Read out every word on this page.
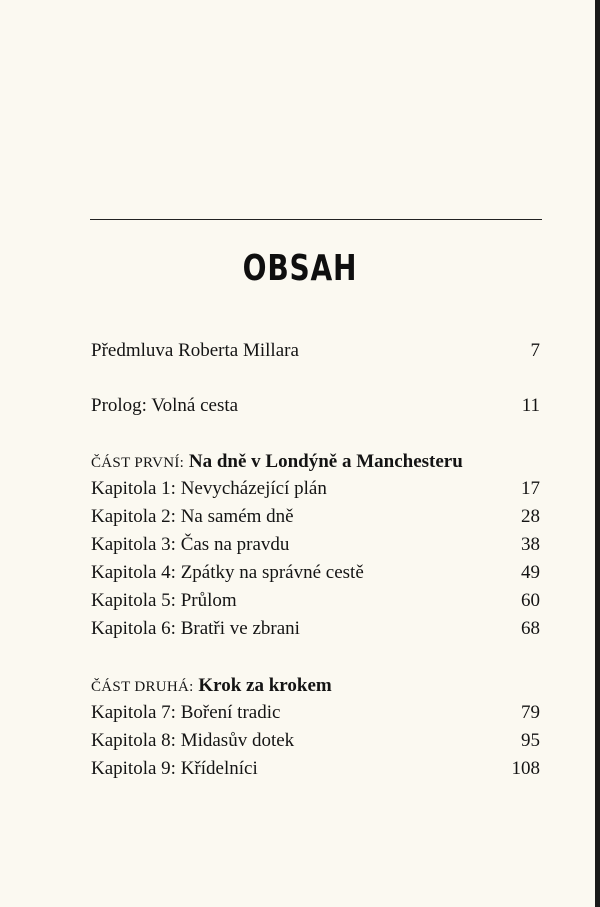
OBSAH
Předmluva Roberta Millara	7
Prolog: Volná cesta	11
ČÁST PRVNÍ: Na dně v Londýně a Manchesteru
Kapitola 1: Nevycházející plán	17
Kapitola 2: Na samém dně	28
Kapitola 3: Čas na pravdu	38
Kapitola 4: Zpátky na správné cestě	49
Kapitola 5: Průlom	60
Kapitola 6: Bratři ve zbrani	68
ČÁST DRUHÁ: Krok za krokem
Kapitola 7: Boření tradic	79
Kapitola 8: Midasův dotek	95
Kapitola 9: Křídelníci	108
